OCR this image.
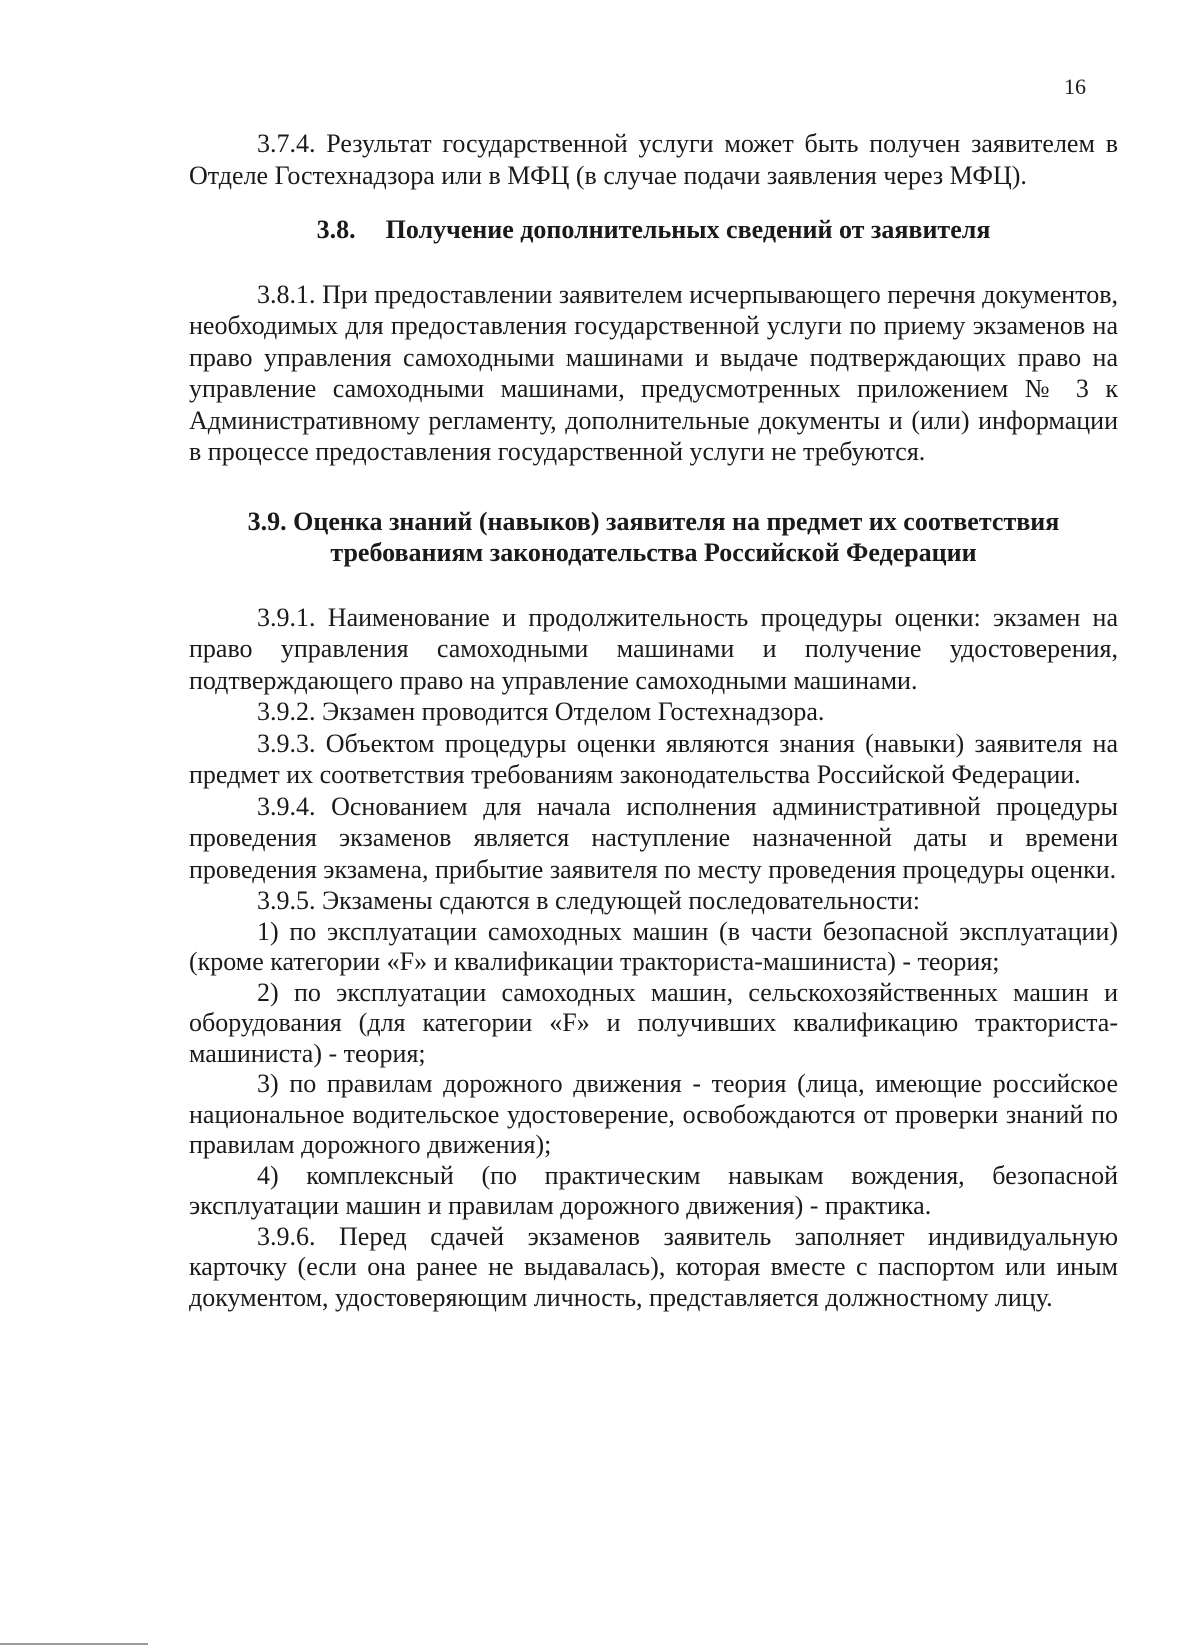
16

3.7.4. Результат государственной услуги может быть получен заявителем в Отделе Гостехнадзора или в МФЦ (в случае подачи заявления через МФЦ).

3.8. Получение дополнительных сведений от заявителя

3.8.1. При предоставлении заявителем исчерпывающего перечня документов, необходимых для предоставления государственной услуги по приему экзаменов на право управления самоходными машинами и выдаче подтверждающих право на управление самоходными машинами, предусмотренных приложением № 3 к Административному регламенту, дополнительные документы и (или) информации в процессе предоставления государственной услуги не требуются.

3.9. Оценка знаний (навыков) заявителя на предмет их соответствия
требованиям законодательства Российской Федерации

3.9.1. Наименование и продолжительность процедуры оценки: экзамен на право управления самоходными машинами и получение удостоверения, подтверждающего право на управление самоходными машинами.

3.9.2. Экзамен проводится Отделом Гостехнадзора.

3.9.3. Объектом процедуры оценки являются знания (навыки) заявителя на предмет их соответствия требованиям законодательства Российской Федерации.

3.9.4. Основанием для начала исполнения административной процедуры проведения экзаменов является наступление назначенной даты и времени проведения экзамена, прибытие заявителя по месту проведения процедуры оценки.

3.9.5. Экзамены сдаются в следующей последовательности:

1) по эксплуатации самоходных машин (в части безопасной эксплуатации) (кроме категории «F» и квалификации тракториста-машиниста) - теория;

2) по эксплуатации самоходных машин, сельскохозяйственных машин и оборудования (для категории «F» и получивших квалификацию тракториста-машиниста) - теория;

3) по правилам дорожного движения - теория (лица, имеющие российское национальное водительское удостоверение, освобождаются от проверки знаний по правилам дорожного движения);

4) комплексный (по практическим навыкам вождения, безопасной эксплуатации машин и правилам дорожного движения) - практика.

3.9.6. Перед сдачей экзаменов заявитель заполняет индивидуальную карточку (если она ранее не выдавалась), которая вместе с паспортом или иным документом, удостоверяющим личность, представляется должностному лицу.
